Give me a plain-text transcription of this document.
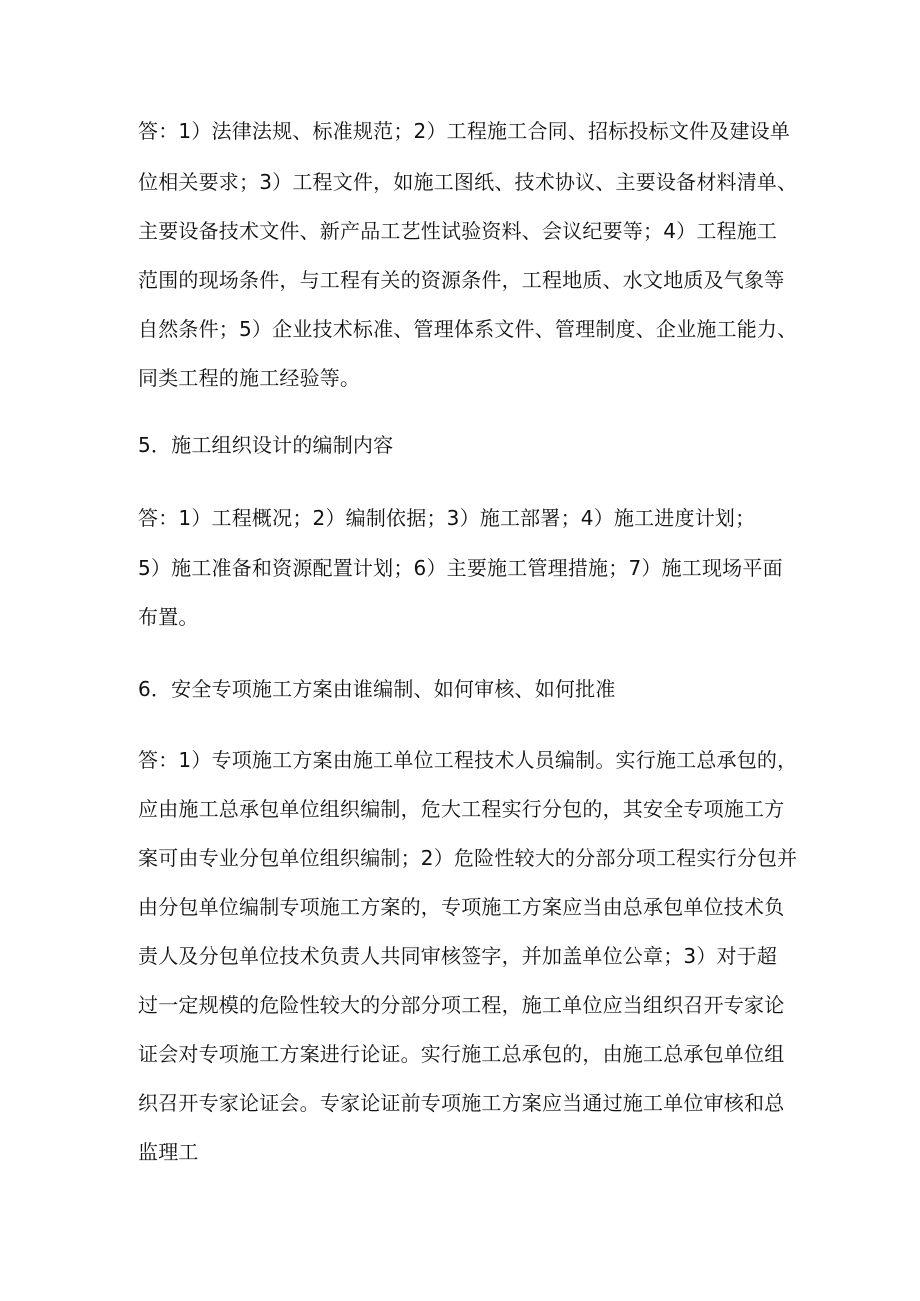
答：1）法律法规、标准规范；2）工程施工合同、招标投标文件及建设单
位相关要求；3）工程文件，如施工图纸、技术协议、主要设备材料清单、
主要设备技术文件、新产品工艺性试验资料、会议纪要等；4）工程施工
范围的现场条件，与工程有关的资源条件，工程地质、水文地质及气象等
自然条件；5）企业技术标准、管理体系文件、管理制度、企业施工能力、
同类工程的施工经验等。
5．施工组织设计的编制内容
答：1）工程概况；2）编制依据；3）施工部署；4）施工进度计划；
5）施工准备和资源配置计划；6）主要施工管理措施；7）施工现场平面
布置。
6．安全专项施工方案由谁编制、如何审核、如何批准
答：1）专项施工方案由施工单位工程技术人员编制。实行施工总承包的，
应由施工总承包单位组织编制，危大工程实行分包的，其安全专项施工方
案可由专业分包单位组织编制；2）危险性较大的分部分项工程实行分包并
由分包单位编制专项施工方案的，专项施工方案应当由总承包单位技术负
责人及分包单位技术负责人共同审核签字，并加盖单位公章；3）对于超
过一定规模的危险性较大的分部分项工程，施工单位应当组织召开专家论
证会对专项施工方案进行论证。实行施工总承包的，由施工总承包单位组
织召开专家论证会。专家论证前专项施工方案应当通过施工单位审核和总
监理工
